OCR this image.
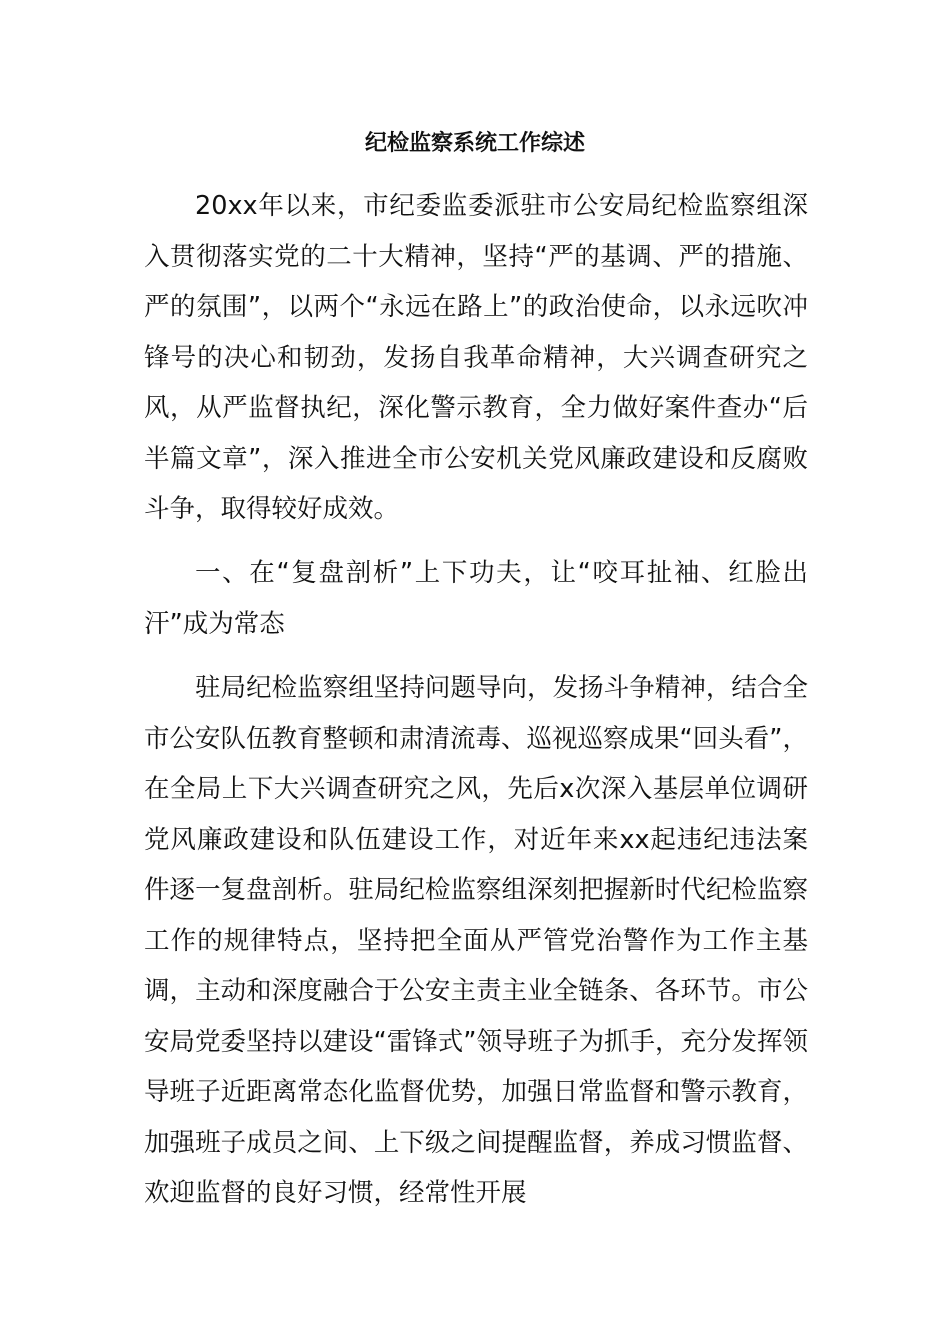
纪检监察系统工作综述

20xx年以来，市纪委监委派驻市公安局纪检监察组深入贯彻落实党的二十大精神，坚持“严的基调、严的措施、严的氛围”，以两个“永远在路上”的政治使命，以永远吹冲锋号的决心和韧劲，发扬自我革命精神，大兴调查研究之风，从严监督执纪，深化警示教育，全力做好案件查办“后半篇文章”，深入推进全市公安机关党风廉政建设和反腐败斗争，取得较好成效。

一、在“复盘剖析”上下功夫，让“咬耳扯袖、红脸出汗”成为常态

驻局纪检监察组坚持问题导向，发扬斗争精神，结合全市公安队伍教育整顿和肃清流毒、巡视巡察成果“回头看”，在全局上下大兴调查研究之风，先后x次深入基层单位调研党风廉政建设和队伍建设工作，对近年来xx起违纪违法案件逐一复盘剖析。驻局纪检监察组深刻把握新时代纪检监察工作的规律特点，坚持把全面从严管党治警作为工作主基调，主动和深度融合于公安主责主业全链条、各环节。市公安局党委坚持以建设“雷锋式”领导班子为抓手，充分发挥领导班子近距离常态化监督优势，加强日常监督和警示教育，加强班子成员之间、上下级之间提醒监督，养成习惯监督、欢迎监督的良好习惯，经常性开展
